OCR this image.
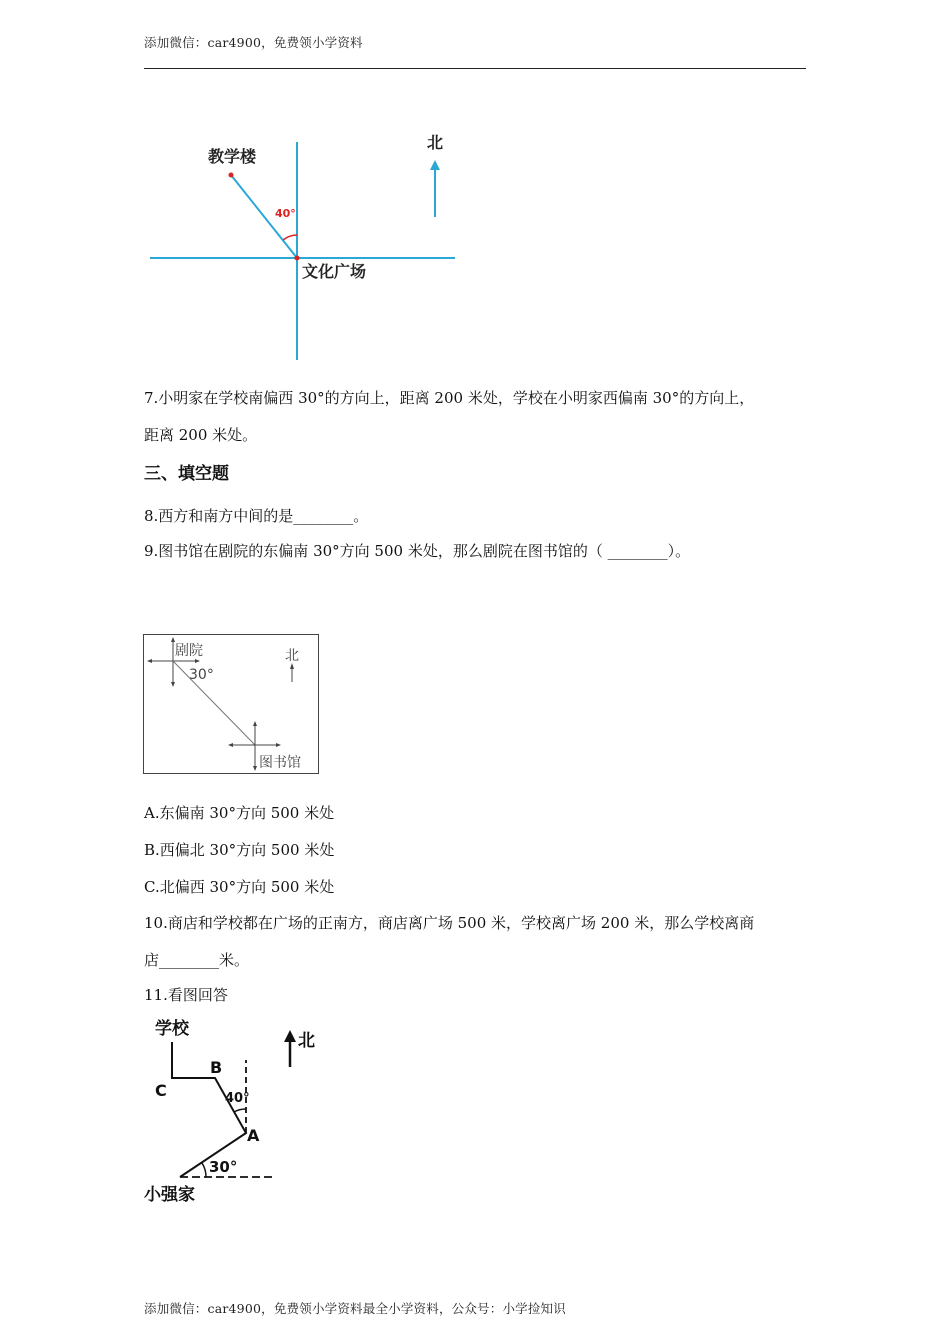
添加微信：car4900，免费领小学资料
教学楼
文化广场
北
40°
7.小明家在学校南偏西 30°的方向上，距离 200 米处，学校在小明家西偏南 30°的方向上，
距离 200 米处。
三、填空题
8.西方和南方中间的是________。
9.图书馆在剧院的东偏南 30°方向 500 米处，那么剧院在图书馆的（ ________）。
剧院
30°
北
图书馆
A.东偏南 30°方向 500 米处
B.西偏北 30°方向 500 米处
C.北偏西 30°方向 500 米处
10.商店和学校都在广场的正南方，商店离广场 500 米，学校离广场 200 米，那么学校离商
店________米。
11.看图回答
学校
北
B
C	40°
A
30°
小强家
添加微信：car4900，免费领小学资料最全小学资料，公众号：小学捡知识
